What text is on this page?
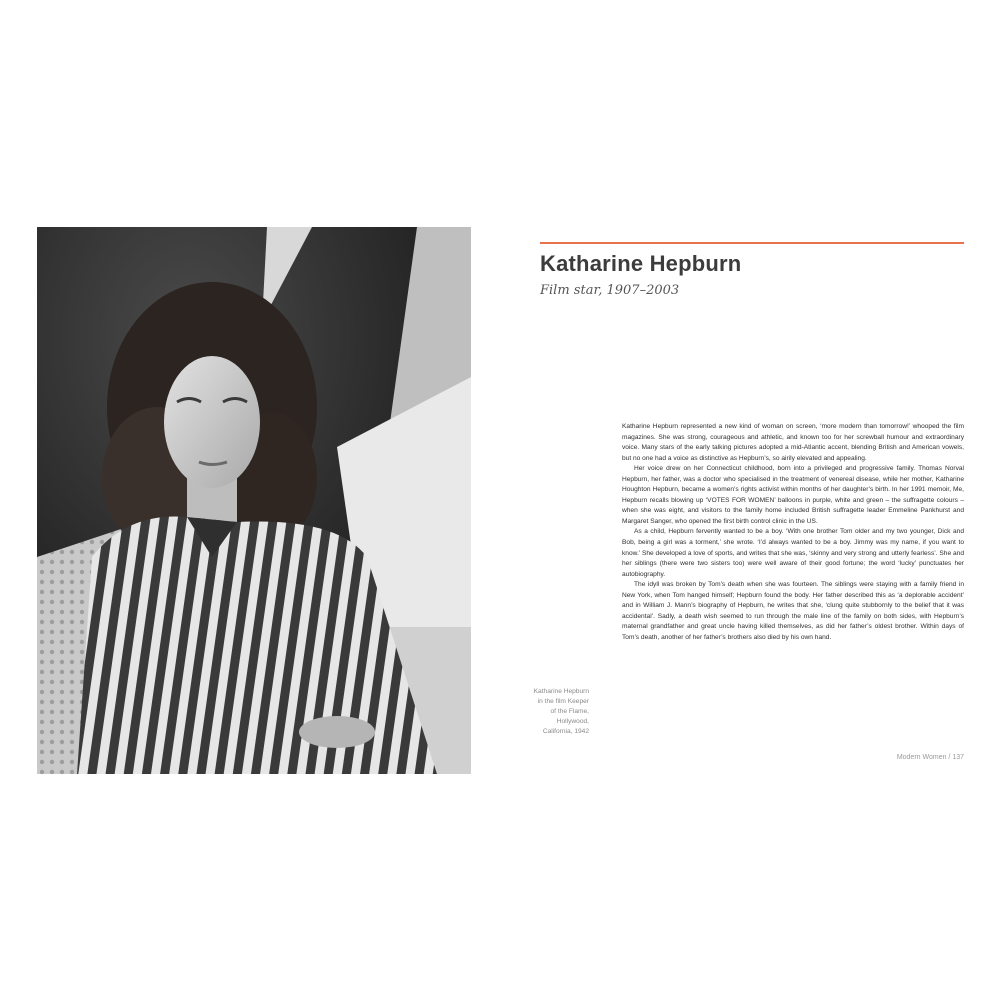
Katharine Hepburn
Film star, 1907–2003
Katharine Hepburn in the film Keeper of the Flame, Hollywood, California, 1942

Katharine Hepburn represented a new kind of woman on screen, ‘more modern than tomorrow!’ whooped the film magazines. She was strong, courageous and athletic, and known too for her screwball humour and extraordinary voice. Many stars of the early talking pictures adopted a mid-Atlantic accent, blending British and American vowels, but no one had a voice as distinctive as Hepburn’s, so airily elevated and appealing.

Her voice drew on her Connecticut childhood, born into a privileged and progressive family. Thomas Norval Hepburn, her father, was a doctor who specialised in the treatment of venereal disease, while her mother, Katharine Houghton Hepburn, became a women’s rights activist within months of her daughter’s birth. In her 1991 memoir, Me, Hepburn recalls blowing up ‘VOTES FOR WOMEN’ balloons in purple, white and green – the suffragette colours – when she was eight, and visitors to the family home included British suffragette leader Emmeline Pankhurst and Margaret Sanger, who opened the first birth control clinic in the US.

As a child, Hepburn fervently wanted to be a boy. ‘With one brother Tom older and my two younger, Dick and Bob, being a girl was a torment,’ she wrote. ‘I’d always wanted to be a boy. Jimmy was my name, if you want to know.’ She developed a love of sports, and writes that she was, ‘skinny and very strong and utterly fearless’. She and her siblings (there were two sisters too) were well aware of their good fortune; the word ‘lucky’ punctuates her autobiography.

The idyll was broken by Tom’s death when she was fourteen. The siblings were staying with a family friend in New York, when Tom hanged himself; Hepburn found the body. Her father described this as ‘a deplorable accident’ and in William J. Mann’s biography of Hepburn, he writes that she, ‘clung quite stubbornly to the belief that it was accidental’. Sadly, a death wish seemed to run through the male line of the family on both sides, with Hepburn’s maternal grandfather and great uncle having killed themselves, as did her father’s oldest brother. Within days of Tom’s death, another of her father’s brothers also died by his own hand.

Modern Women / 137
